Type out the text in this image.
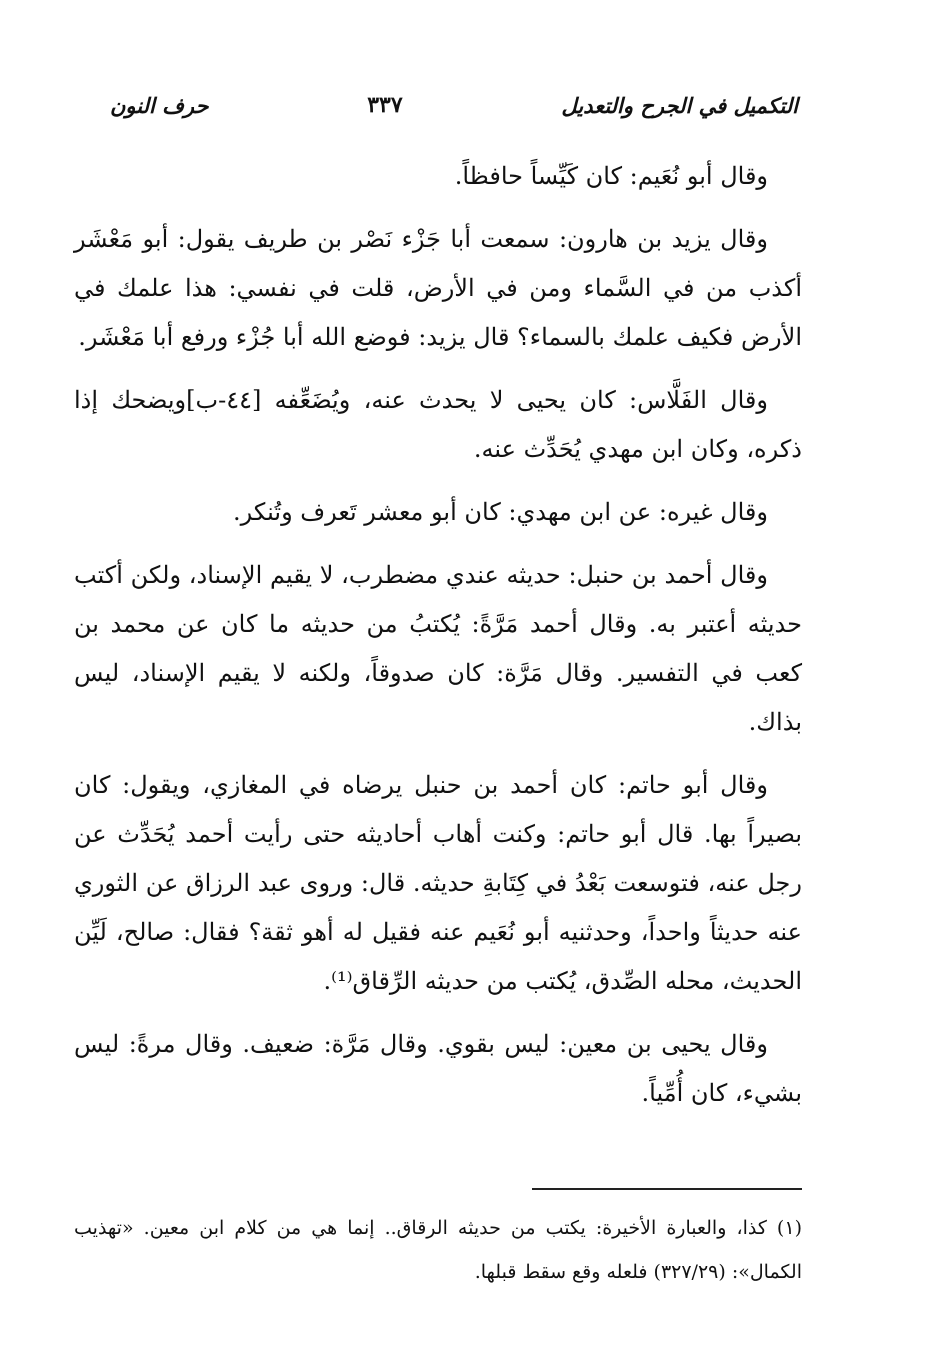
التكميل في الجرح والتعديل
٣٣٧
حرف النون

وقال أبو نُعَيم: كان كَيِّساً حافظاً.

وقال يزيد بن هارون: سمعت أبا جَزْء نَصْر بن طريف يقول: أبو مَعْشَر أكذب من في السَّماء ومن في الأرض، قلت في نفسي: هذا علمك في الأرض فكيف علمك بالسماء؟ قال يزيد: فوضع الله أبا جُزْء ورفع أبا مَعْشَر.

وقال الفَلَّاس: كان يحيى لا يحدث عنه، ويُضَعِّفه [٤٤-ب]ويضحك إذا ذكره، وكان ابن مهدي يُحَدِّث عنه.

وقال غيره: عن ابن مهدي: كان أبو معشر تَعرف وتُنكر.

وقال أحمد بن حنبل: حديثه عندي مضطرب، لا يقيم الإسناد، ولكن أكتب حديثه أعتبر به. وقال أحمد مَرَّةً: يُكتبُ من حديثه ما كان عن محمد بن كعب في التفسير. وقال مَرَّة: كان صدوقاً، ولكنه لا يقيم الإسناد، ليس بذاك.

وقال أبو حاتم: كان أحمد بن حنبل يرضاه في المغازي، ويقول: كان بصيراً بها. قال أبو حاتم: وكنت أهاب أحاديثه حتى رأيت أحمد يُحَدِّث عن رجل عنه، فتوسعت بَعْدُ في كِتَابةِ حديثه. قال: وروى عبد الرزاق عن الثوري عنه حديثاً واحداً، وحدثنيه أبو نُعَيم عنه فقيل له أهو ثقة؟ فقال: صالح، لَيِّن الحديث، محله الصِّدق، يُكتب من حديثه الرِّقاق⁽¹⁾.

وقال يحيى بن معين: ليس بقوي. وقال مَرَّة: ضعيف. وقال مرةً: ليس بشيء، كان أُمِّياً.

(١) كذا، والعبارة الأخيرة: يكتب من حديثه الرقاق.. إنما هي من كلام ابن معين. «تهذيب الكمال»: (٣٢٧/٢٩) فلعله وقع سقط قبلها.
